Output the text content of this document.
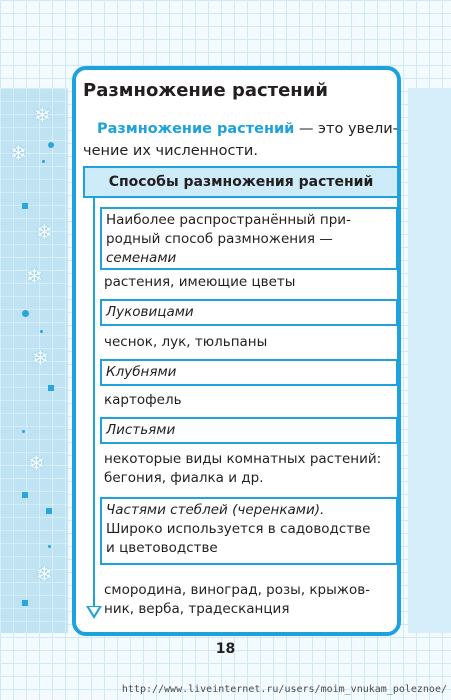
❄
❄
❄
❄
❄
❄
❄
Размножение растений
Размножение растений — это увели-
чение их численности.
Способы размножения растений
Наиболее распространённый при-
родный способ размножения —
семенами
растения, имеющие цветы
Луковицами
чеснок, лук, тюльпаны
Клубнями
картофель
Листьями
некоторые виды комнатных растений:
бегония, фиалка и др.
Частями стеблей (черенками).
Широко используется в садоводстве
и цветоводстве
смородина, виноград, розы, крыжов-
ник, верба, традесканция
18
http://www.liveinternet.ru/users/moim_vnukam_poleznoe/
